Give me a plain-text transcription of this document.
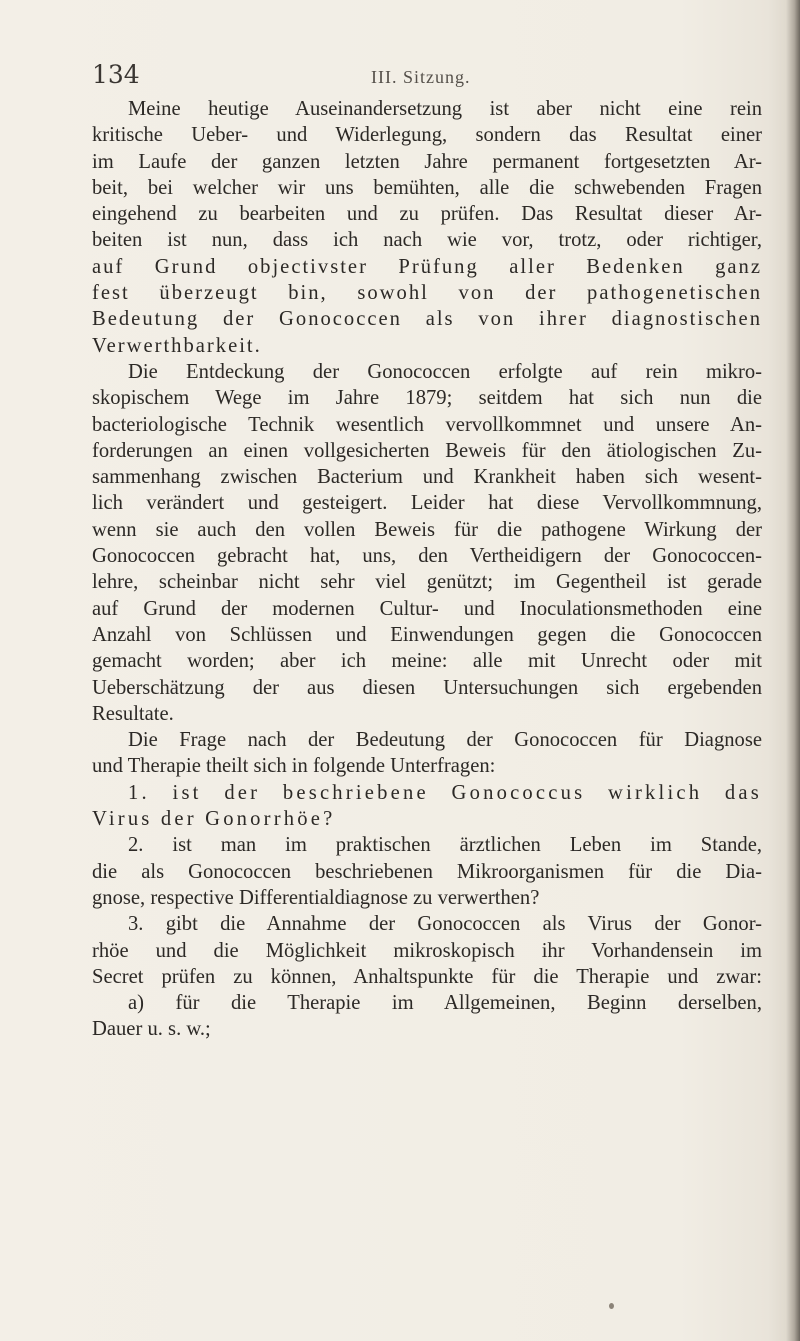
134	III. Sitzung.

Meine heutige Auseinandersetzung ist aber nicht eine rein
kritische Ueber- und Widerlegung, sondern das Resultat einer
im Laufe der ganzen letzten Jahre permanent fortgesetzten Ar-
beit, bei welcher wir uns bemühten, alle die schwebenden Fragen
eingehend zu bearbeiten und zu prüfen. Das Resultat dieser Ar-
beiten ist nun, dass ich nach wie vor, trotz, oder richtiger,
auf Grund objectivster Prüfung aller Bedenken ganz
fest überzeugt bin, sowohl von der pathogenetischen
Bedeutung der Gonococcen als von ihrer diagnostischen
Verwerthbarkeit.

Die Entdeckung der Gonococcen erfolgte auf rein mikro-
skopischem Wege im Jahre 1879; seitdem hat sich nun die
bacteriologische Technik wesentlich vervollkommnet und unsere An-
forderungen an einen vollgesicherten Beweis für den ätiologischen Zu-
sammenhang zwischen Bacterium und Krankheit haben sich wesent-
lich verändert und gesteigert. Leider hat diese Vervollkommnung,
wenn sie auch den vollen Beweis für die pathogene Wirkung der
Gonococcen gebracht hat, uns, den Vertheidigern der Gonococcen-
lehre, scheinbar nicht sehr viel genützt; im Gegentheil ist gerade
auf Grund der modernen Cultur- und Inoculationsmethoden eine
Anzahl von Schlüssen und Einwendungen gegen die Gonococcen
gemacht worden; aber ich meine: alle mit Unrecht oder mit
Ueberschätzung der aus diesen Untersuchungen sich ergebenden
Resultate.

Die Frage nach der Bedeutung der Gonococcen für Diagnose
und Therapie theilt sich in folgende Unterfragen:

1. ist der beschriebene Gonococcus wirklich das
Virus der Gonorrhöe?

2. ist man im praktischen ärztlichen Leben im Stande,
die als Gonococcen beschriebenen Mikroorganismen für die Dia-
gnose, respective Differentialdiagnose zu verwerthen?

3. gibt die Annahme der Gonococcen als Virus der Gonor-
rhöe und die Möglichkeit mikroskopisch ihr Vorhandensein im
Secret prüfen zu können, Anhaltspunkte für die Therapie und zwar:
a) für die Therapie im Allgemeinen, Beginn derselben,
Dauer u. s. w.;
